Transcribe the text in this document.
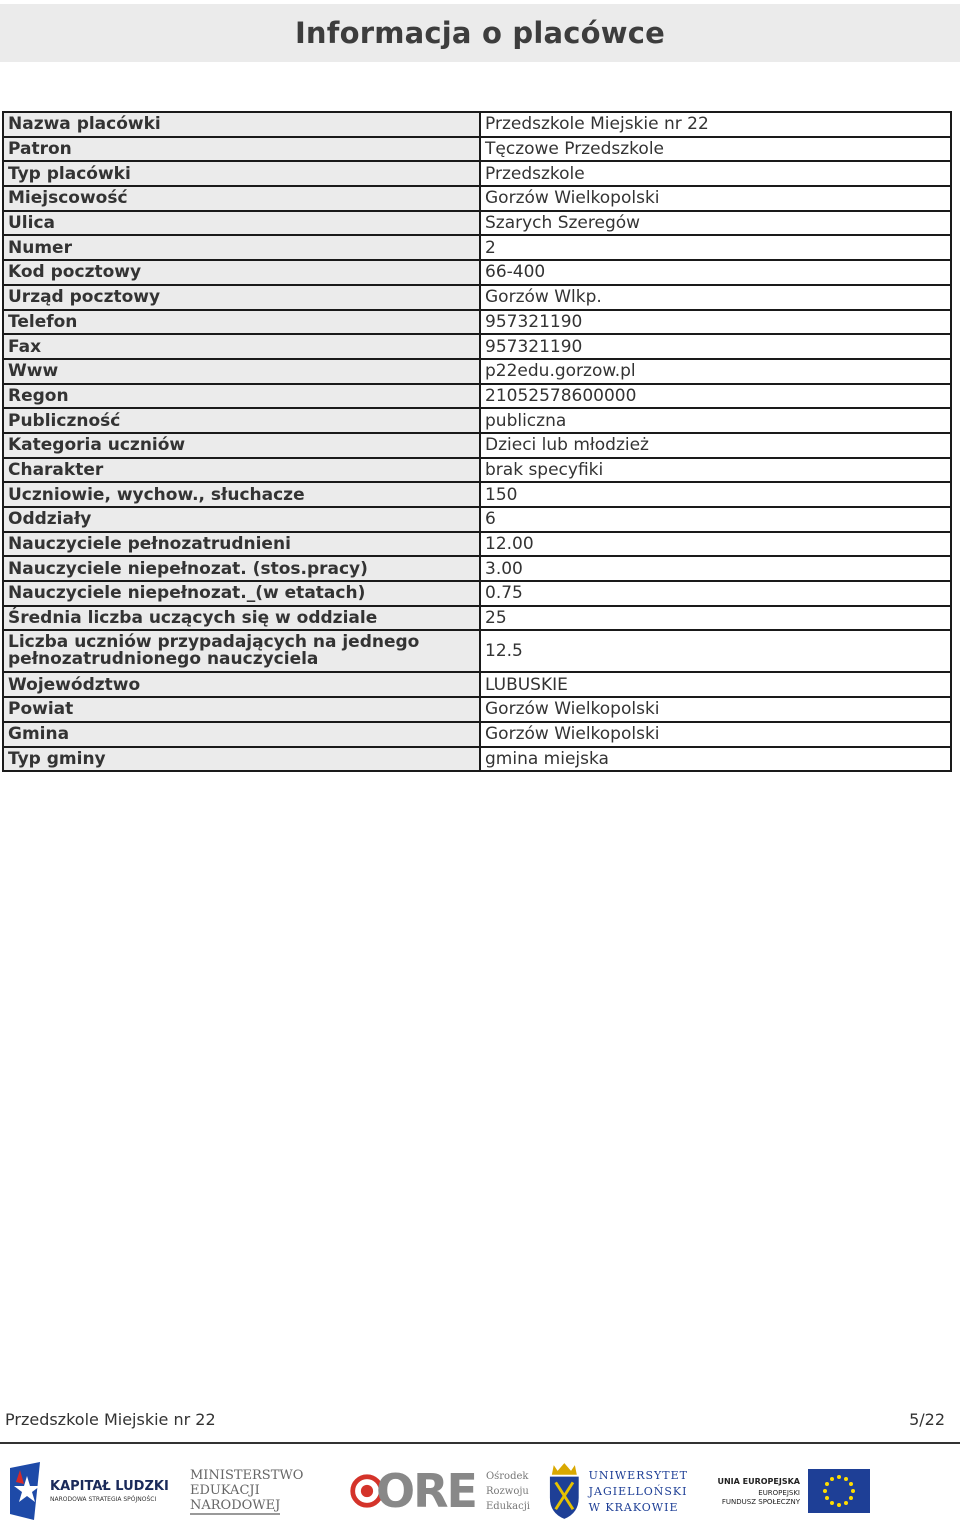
Informacja o placówce
Nazwa placówki	Przedszkole Miejskie nr 22
Patron	Tęczowe Przedszkole
Typ placówki	Przedszkole
Miejscowość	Gorzów Wielkopolski
Ulica	Szarych Szeregów
Numer	2
Kod pocztowy	66-400
Urząd pocztowy	Gorzów Wlkp.
Telefon	957321190
Fax	957321190
Www	p22edu.gorzow.pl
Regon	21052578600000
Publiczność	publiczna
Kategoria uczniów	Dzieci lub młodzież
Charakter	brak specyfiki
Uczniowie, wychow., słuchacze	150
Oddziały	6
Nauczyciele pełnozatrudnieni	12.00
Nauczyciele niepełnozat. (stos.pracy)	3.00
Nauczyciele niepełnozat._(w etatach)	0.75
Średnia liczba uczących się w oddziale	25
Liczba uczniów przypadających na jednego pełnozatrudnionego nauczyciela	12.5
Województwo	LUBUSKIE
Powiat	Gorzów Wielkopolski
Gmina	Gorzów Wielkopolski
Typ gminy	gmina miejska
Przedszkole Miejskie nr 22	5/22
KAPITAŁ LUDZKI
NARODOWA STRATEGIA SPÓJNOŚCI
MINISTERSTWO
EDUKACJI
NARODOWEJ ORE Ośrodek
Rozwoju
Edukacji
UNIWERSYTET
JAGIELLOŃSKI
W KRAKOWIE
UNIA EUROPEJSKA
EUROPEJSKI
FUNDUSZ SPOŁECZNY
